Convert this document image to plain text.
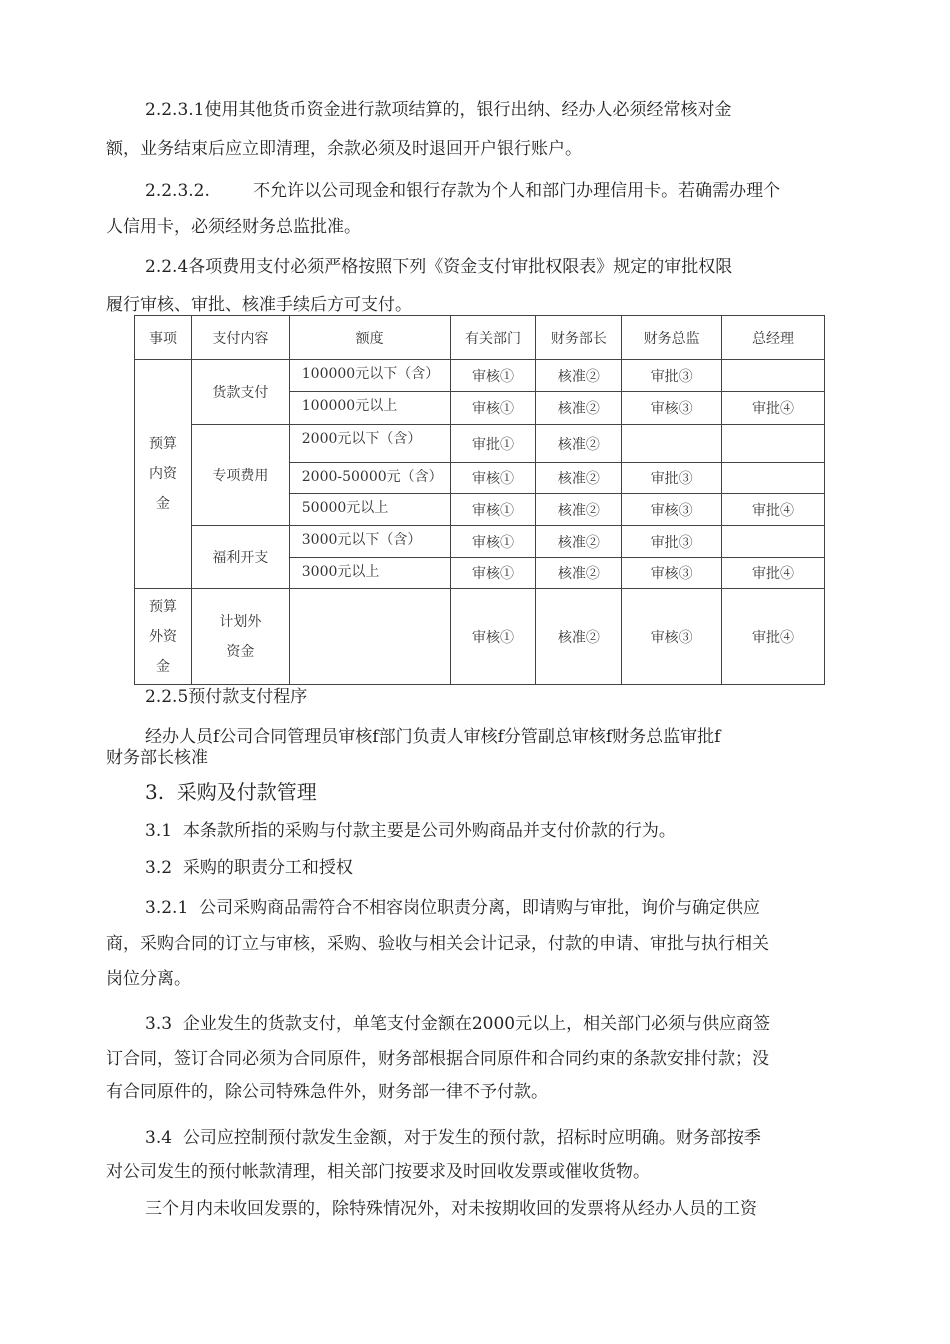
2.2.3.1使用其他货币资金进行款项结算的，银行出纳、经办人必须经常核对金
额，业务结束后应立即清理，余款必须及时退回开户银行账户。
2.2.3.2.        不允许以公司现金和银行存款为个人和部门办理信用卡。若确需办理个
人信用卡，必须经财务总监批准。
2.2.4各项费用支付必须严格按照下列《资金支付审批权限表》规定的审批权限
履行审核、审批、核准手续后方可支付。
事项	支付内容	额度	有关部门	财务部长	财务总监	总经理

预算
内资
金	货款支付	100000元以下（含）	审核①	核准②	审批③	
		100000元以上	审核①	核准②	审核③	审批④
	专项费用	2000元以下（含）	审批①	核准②		
		2000-50000元（含）	审核①	核准②	审批③	
		50000元以上	审核①	核准②	审核③	审批④
	福利开支	3000元以下（含）	审核①	核准②	审批③	
		3000元以上	审核①	核准②	审核③	审批④

预算
外资
金	计划外
资金		审核①	核准②	审核③	审批④
2.2.5预付款支付程序
经办人员f公司合同管理员审核f部门负责人审核f分管副总审核f财务总监审批f
财务部长核准
3.  采购及付款管理
3.1  本条款所指的采购与付款主要是公司外购商品并支付价款的行为。
3.2  采购的职责分工和授权
3.2.1  公司采购商品需符合不相容岗位职责分离，即请购与审批，询价与确定供应
商，采购合同的订立与审核，采购、验收与相关会计记录，付款的申请、审批与执行相关
岗位分离。
3.3  企业发生的货款支付，单笔支付金额在2000元以上，相关部门必须与供应商签
订合同，签订合同必须为合同原件，财务部根据合同原件和合同约束的条款安排付款；没
有合同原件的，除公司特殊急件外，财务部一律不予付款。
3.4  公司应控制预付款发生金额，对于发生的预付款，招标时应明确。财务部按季
对公司发生的预付帐款清理，相关部门按要求及时回收发票或催收货物。
三个月内未收回发票的，除特殊情况外，对未按期收回的发票将从经办人员的工资
